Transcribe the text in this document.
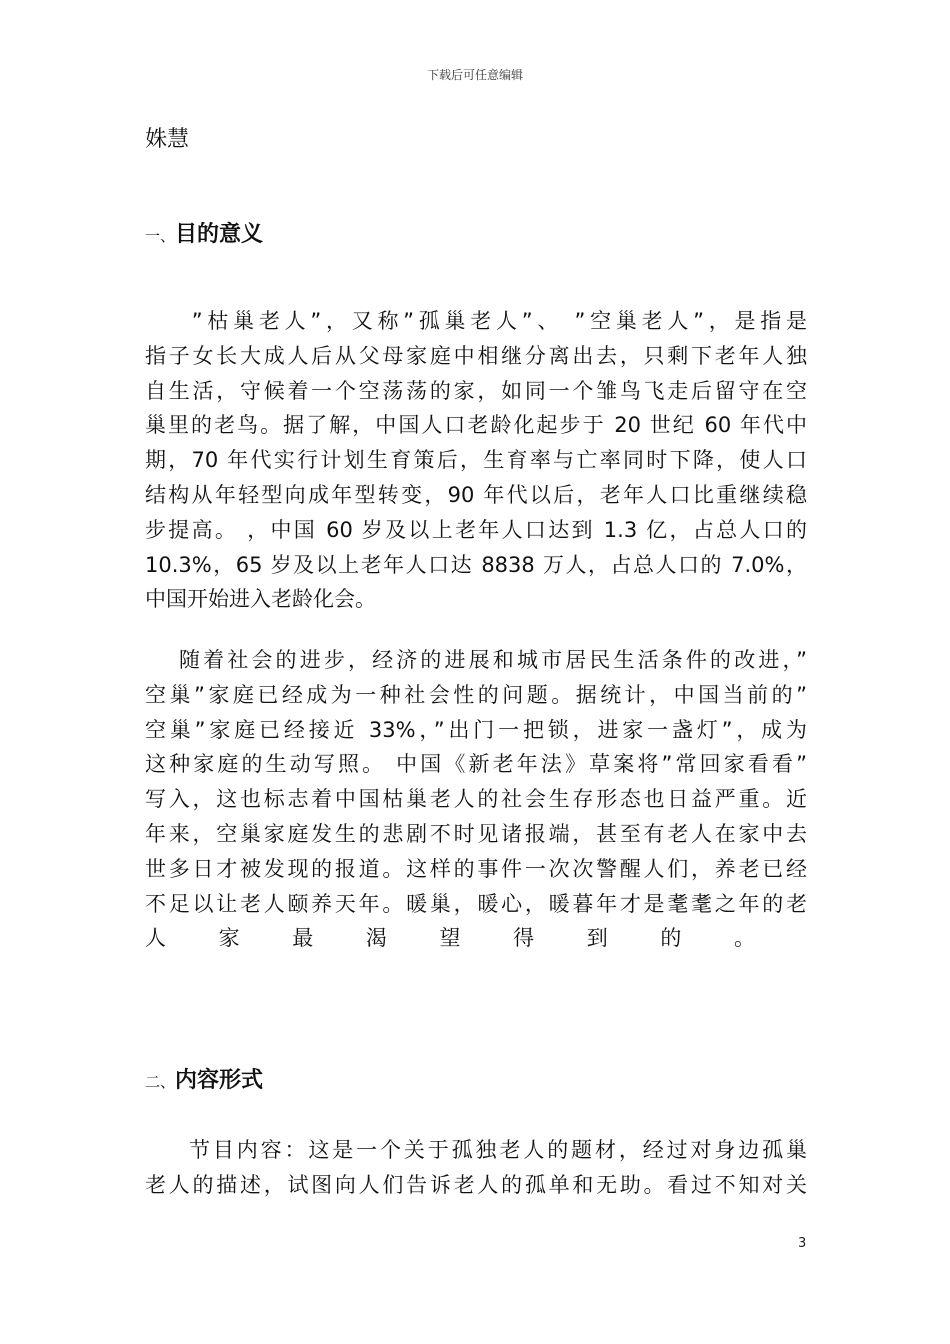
下载后可任意编辑
姝慧
一、目的意义
　”枯巢老人”，又称”孤巢老人”、 ”空巢老人”，是指是
指子女长大成人后从父母家庭中相继分离出去，只剩下老年人独
自生活，守候着一个空荡荡的家，如同一个雏鸟飞走后留守在空
巢里的老鸟。据了解，中国人口老龄化起步于 20 世纪 60 年代中
期，70 年代实行计划生育策后，生育率与亡率同时下降，使人口
结构从年轻型向成年型转变，90 年代以后，老年人口比重继续稳
步提高。 ，中国 60 岁及以上老年人口达到 1.3 亿，占总人口的
10.3%，65 岁及以上老年人口达 8838 万人，占总人口的 7.0%，
中国开始进入老龄化会。
随着社会的进步，经济的进展和城市居民生活条件的改进，”
空巢”家庭已经成为一种社会性的问题。据统计，中国当前的”
空巢”家庭已经接近 33%，”出门一把锁，进家一盏灯”，成为
这种家庭的生动写照。 中国《新老年法》草案将”常回家看看”
写入，这也标志着中国枯巢老人的社会生存形态也日益严重。近
年来，空巢家庭发生的悲剧不时见诸报端，甚至有老人在家中去
世多日才被发现的报道。这样的事件一次次警醒人们，养老已经
不足以让老人颐养天年。暖巢，暖心，暖暮年才是耄耄之年的老
人家最渴望得到的。
二、内容形式
节目内容：这是一个关于孤独老人的题材，经过对身边孤巢
老人的描述，试图向人们告诉老人的孤单和无助。看过不知对关
3
